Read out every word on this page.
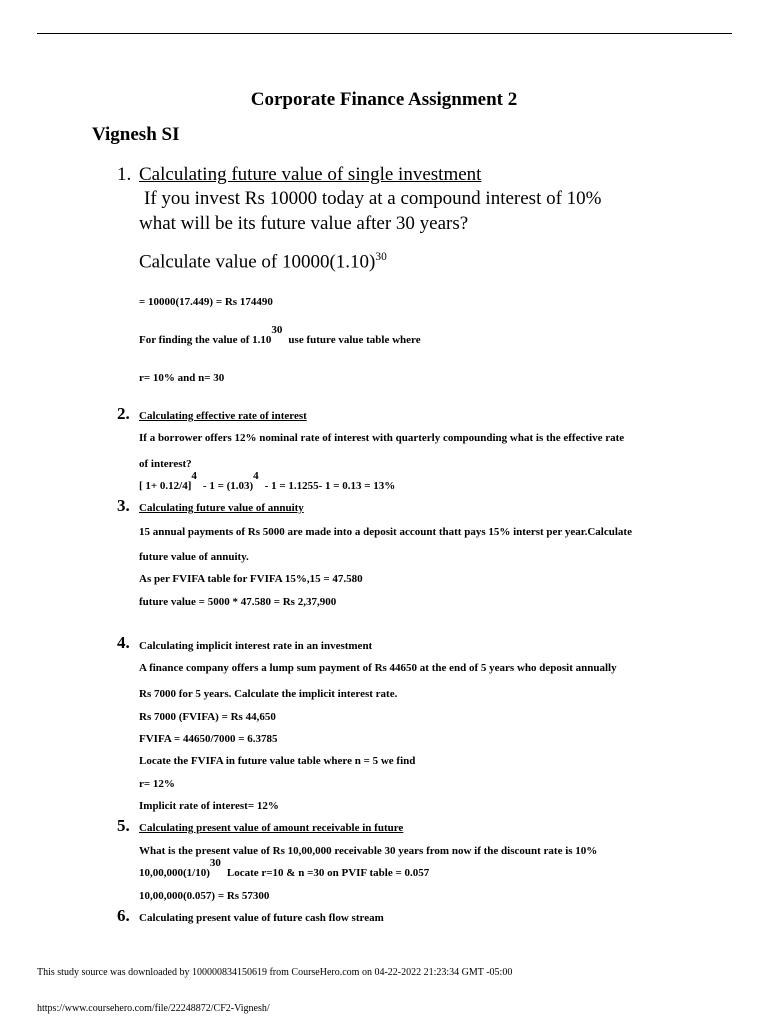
Corporate Finance Assignment 2
Vignesh SI
1. Calculating future value of single investment
If you invest Rs 10000 today at a compound interest of 10%
what will be its future value after 30 years?
Calculate value of $10000(1.10)^{30}$
= 10000(17.449) = Rs 174490
For finding the value of 1.1030use future value table where
r= 10% and n= 30
2. Calculating effective rate of interest
If a borrower offers 12% nominal rate of interest with quarterly compounding what is the effective rate
of interest?
[ 1+ 0.12/4]4- 1 = (1.03)4- 1 = 1.1255- 1 = 0.13 = 13%
3. Calculating future value of annuity
15 annual payments of Rs 5000 are made into a deposit account thatt pays 15% interst per year.Calculate
future value of annuity.
As per FVIFA table for FVIFA 15%,15 = 47.580
future value = 5000 * 47.580 = Rs 2,37,900
4. Calculating implicit interest rate in an investment
A finance company offers a lump sum payment of Rs 44650 at the end of 5 years who deposit annually
Rs 7000 for 5 years. Calculate the implicit interest rate.
Rs 7000 (FVIFA) = Rs 44,650
FVIFA = 44650/7000 = 6.3785
Locate the FVIFA in future value table where n = 5 we find
r= 12%
Implicit rate of interest= 12%
5. Calculating present value of amount receivable in future
What is the present value of Rs 10,00,000 receivable 30 years from now if the discount rate is 10%
10,00,000(1/10)30Locate r=10 & n =30 on PVIF table = 0.057
10,00,000(0.057) = Rs 57300
6. Calculating present value of future cash flow stream
This study source was downloaded by 100000834150619 from CourseHero.com on 04-22-2022 21:23:34 GMT -05:00
https://www.coursehero.com/file/22248872/CF2-Vignesh/
